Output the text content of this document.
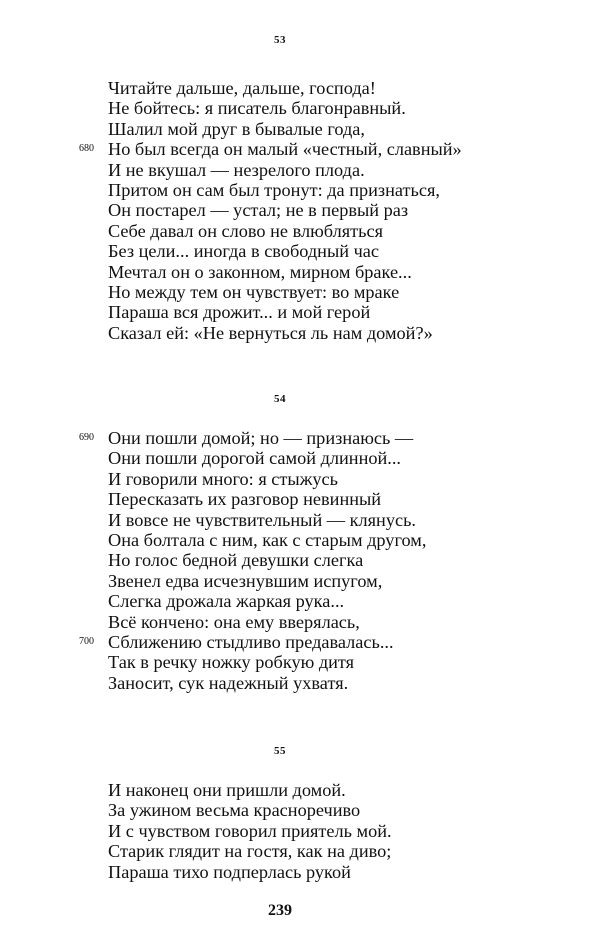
53
Читайте дальше, дальше, господа!
Не бойтесь: я писатель благонравный.
Шалил мой друг в бывалые года,
680 Но был всегда он малый «честный, славный»
И не вкушал — незрелого плода.
Притом он сам был тронут: да признаться,
Он постарел — устал; не в первый раз
Себе давал он слово не влюбляться
Без цели... иногда в свободный час
Мечтал он о законном, мирном браке...
Но между тем он чувствует: во мраке
Параша вся дрожит... и мой герой
Сказал ей: «Не вернуться ль нам домой?»
54
690 Они пошли домой; но — признаюсь —
Они пошли дорогой самой длинной...
И говорили много: я стыжусь
Пересказать их разговор невинный
И вовсе не чувствительный — клянусь.
Она болтала с ним, как с старым другом,
Но голос бедной девушки слегка
Звенел едва исчезнувшим испугом,
Слегка дрожала жаркая рука...
Всё кончено: она ему вверялась,
700 Сближению стыдливо предавалась...
Так в речку ножку робкую дитя
Заносит, сук надежный ухватя.
55
И наконец они пришли домой.
За ужином весьма красноречиво
И с чувством говорил приятель мой.
Старик глядит на гостя, как на диво;
Параша тихо подперлась рукой
239
